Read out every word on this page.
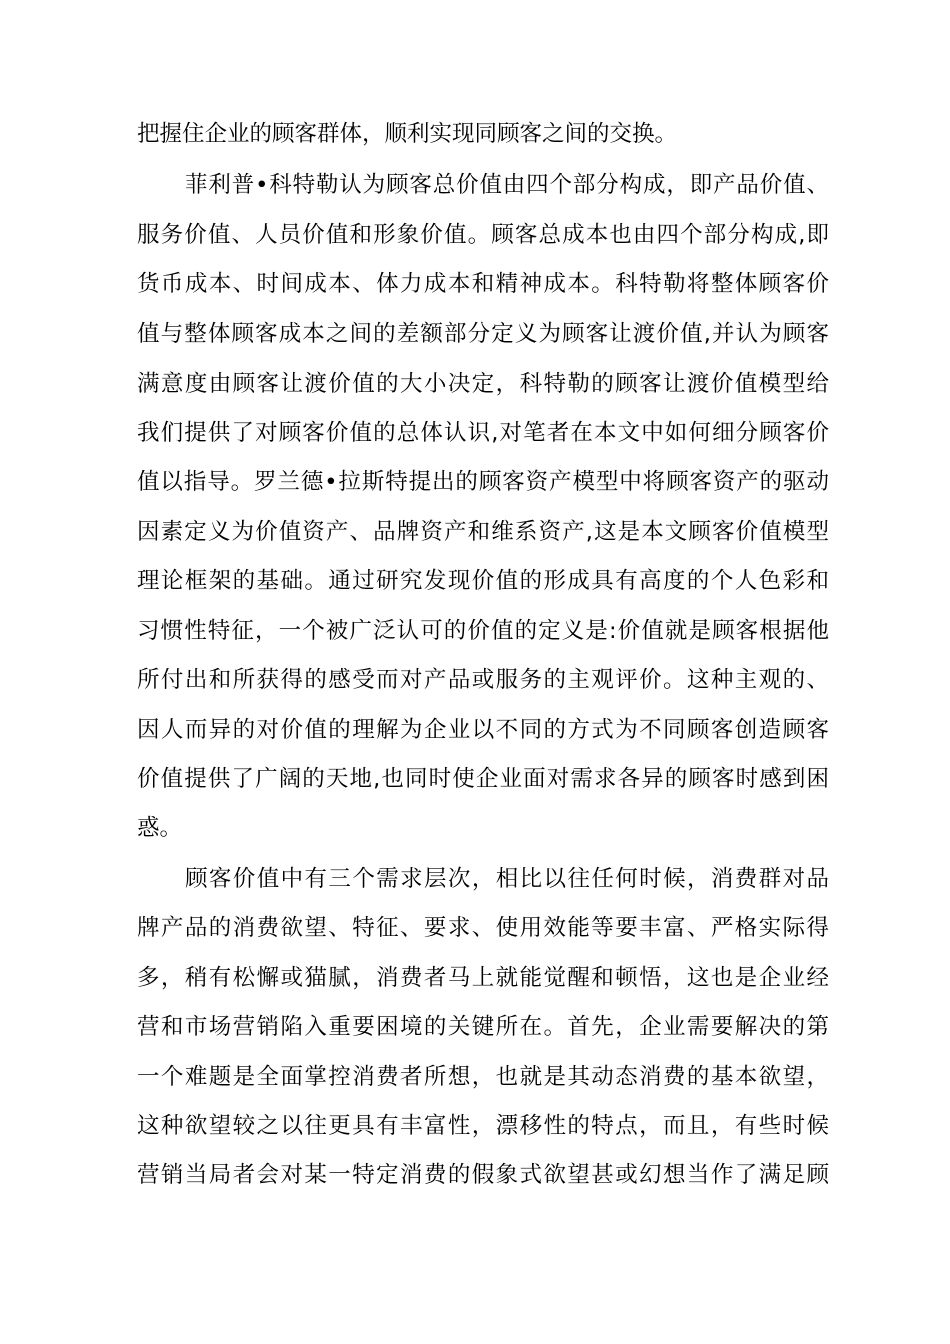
把握住企业的顾客群体，顺利实现同顾客之间的交换。

菲利普•科特勒认为顾客总价值由四个部分构成，即产品价值、

服务价值、人员价值和形象价值。顾客总成本也由四个部分构成,即

货币成本、时间成本、体力成本和精神成本。科特勒将整体顾客价

值与整体顾客成本之间的差额部分定义为顾客让渡价值,并认为顾客

满意度由顾客让渡价值的大小决定，科特勒的顾客让渡价值模型给

我们提供了对顾客价值的总体认识,对笔者在本文中如何细分顾客价

值以指导。罗兰德•拉斯特提出的顾客资产模型中将顾客资产的驱动

因素定义为价值资产、品牌资产和维系资产,这是本文顾客价值模型

理论框架的基础。通过研究发现价值的形成具有高度的个人色彩和

习惯性特征，一个被广泛认可的价值的定义是:价值就是顾客根据他

所付出和所获得的感受而对产品或服务的主观评价。这种主观的、

因人而异的对价值的理解为企业以不同的方式为不同顾客创造顾客

价值提供了广阔的天地,也同时使企业面对需求各异的顾客时感到困

惑。

顾客价值中有三个需求层次，相比以往任何时候，消费群对品

牌产品的消费欲望、特征、要求、使用效能等要丰富、严格实际得

多，稍有松懈或猫腻，消费者马上就能觉醒和顿悟，这也是企业经

营和市场营销陷入重要困境的关键所在。首先，企业需要解决的第

一个难题是全面掌控消费者所想，也就是其动态消费的基本欲望，

这种欲望较之以往更具有丰富性，漂移性的特点，而且，有些时候

营销当局者会对某一特定消费的假象式欲望甚或幻想当作了满足顾
